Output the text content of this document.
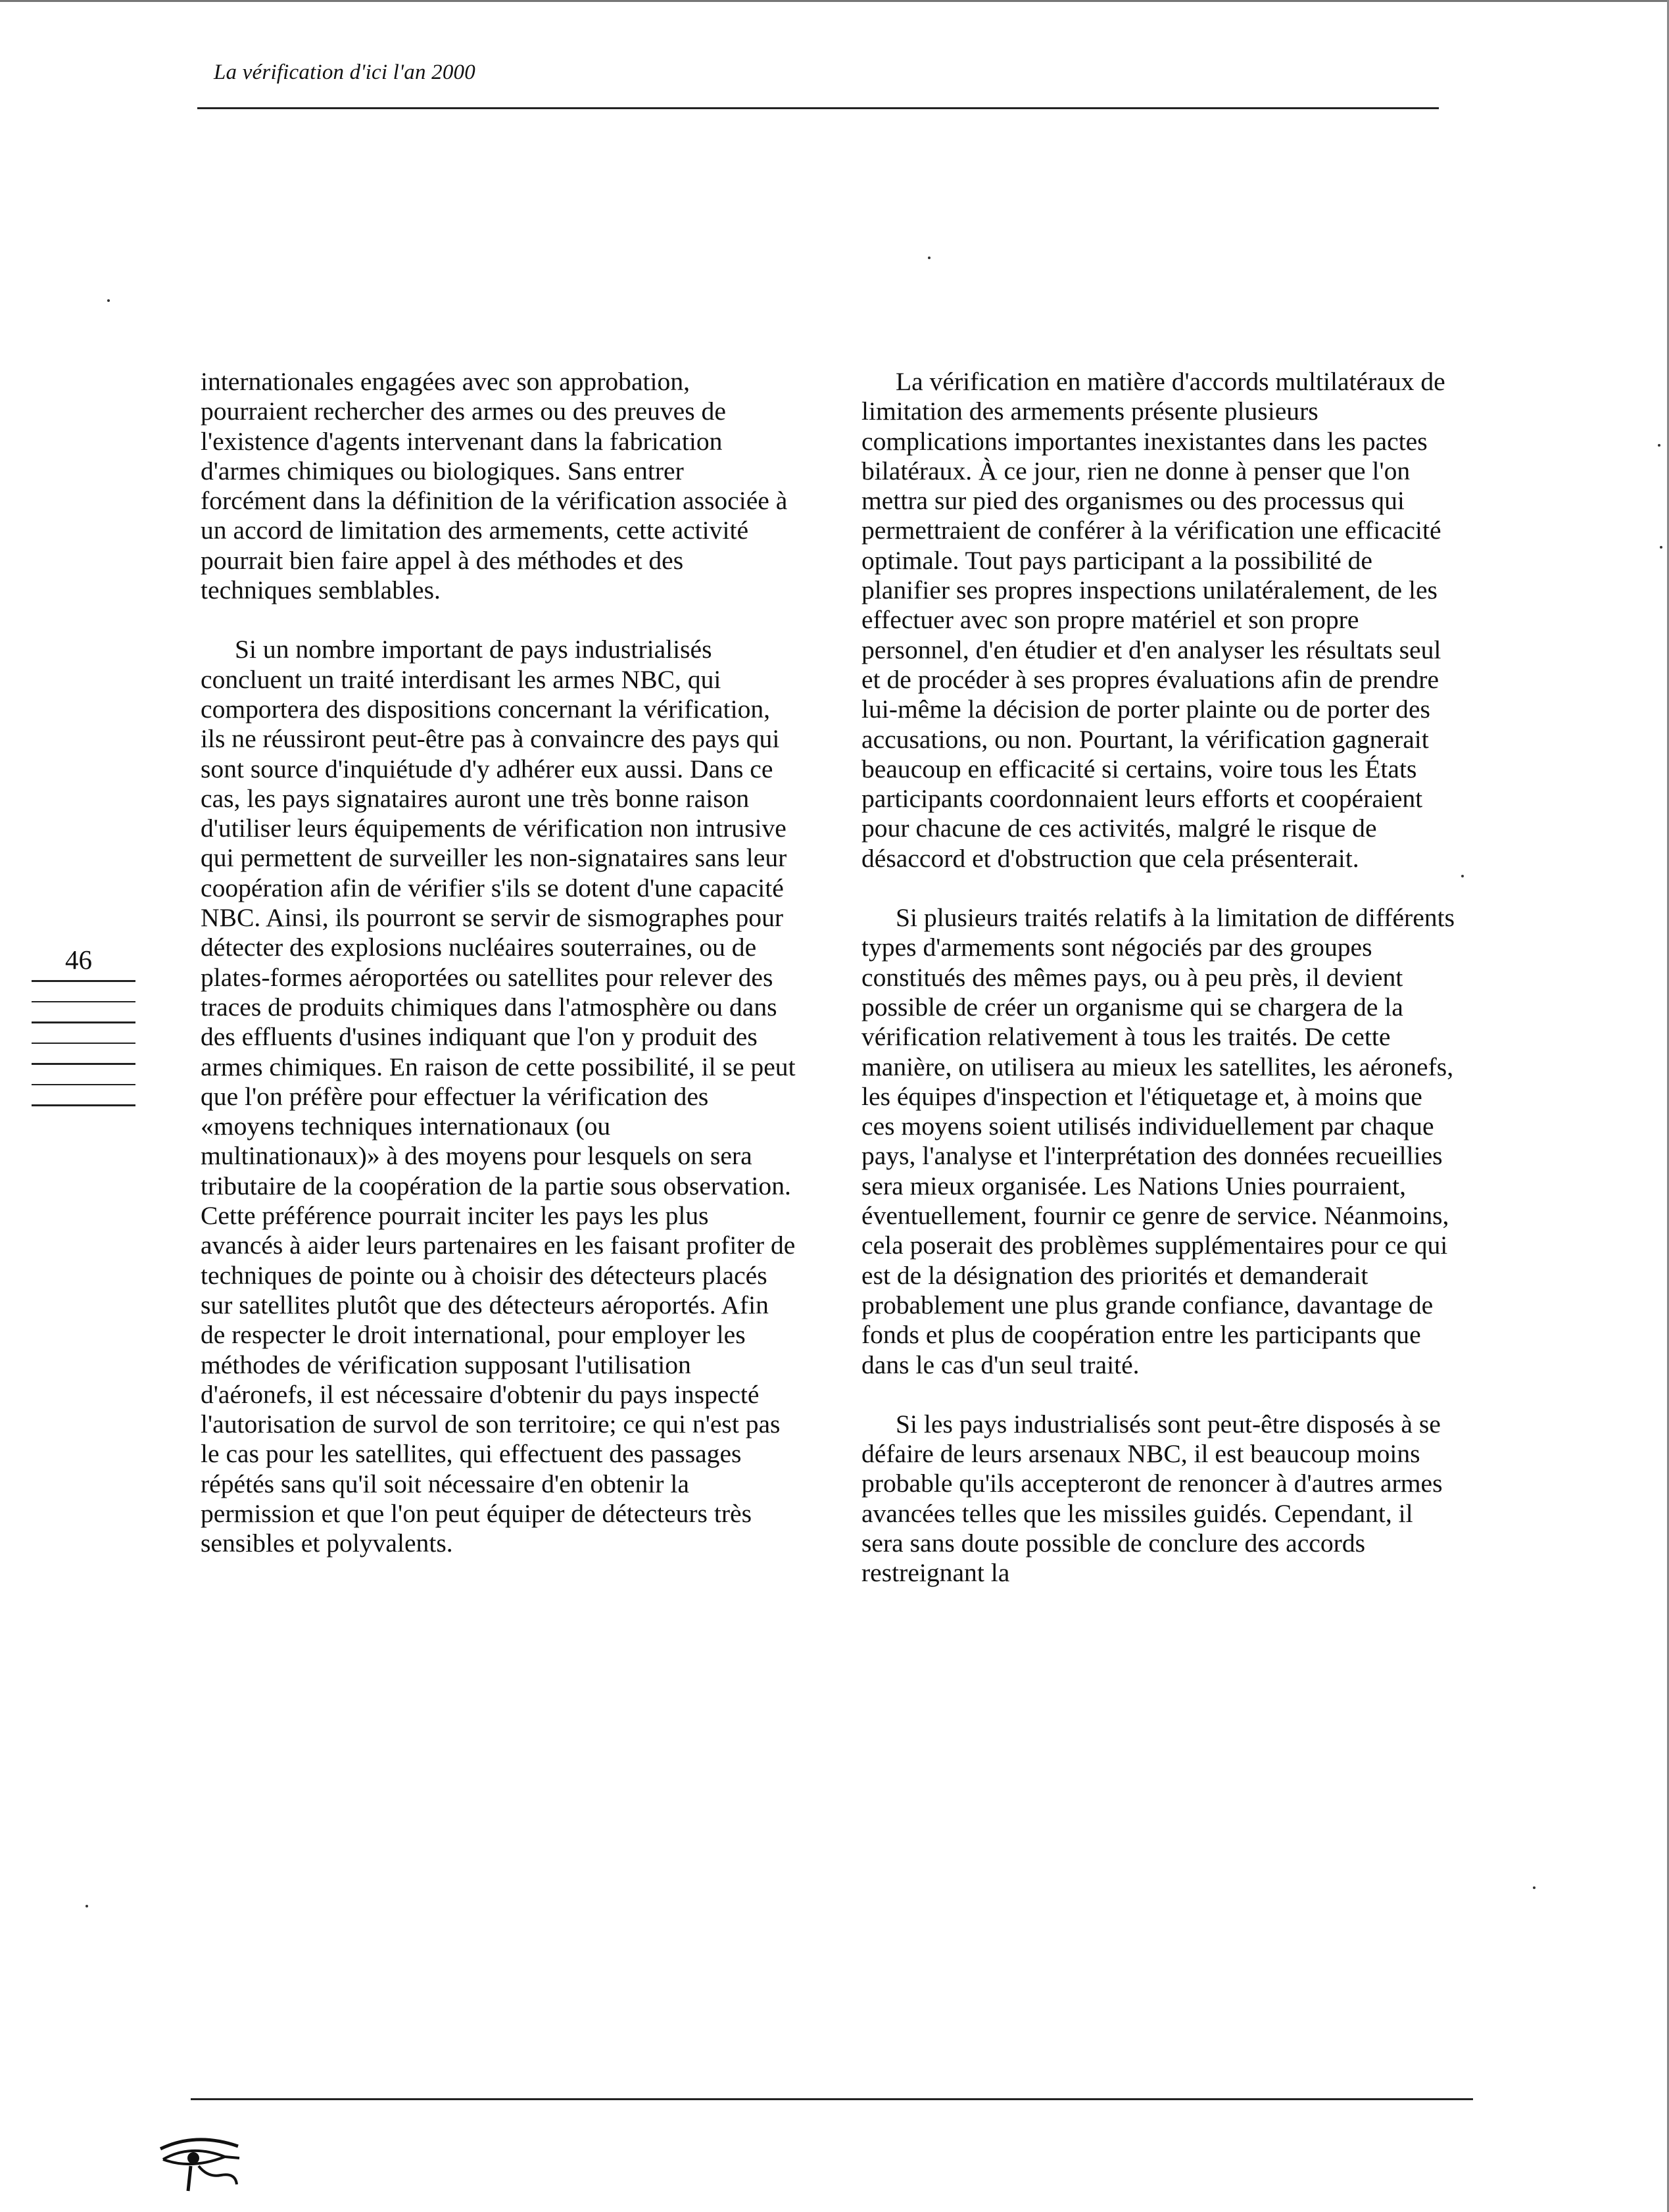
La vérification d'ici l'an 2000
46

internationales engagées avec son approbation, pourraient rechercher des armes ou des preuves de l'existence d'agents intervenant dans la fabrication d'armes chimiques ou biologiques. Sans entrer forcément dans la définition de la vérification associée à un accord de limitation des armements, cette activité pourrait bien faire appel à des méthodes et des techniques semblables.

Si un nombre important de pays industrialisés concluent un traité interdisant les armes NBC, qui comportera des dispositions concernant la vérification, ils ne réussiront peut-être pas à convaincre des pays qui sont source d'inquiétude d'y adhérer eux aussi. Dans ce cas, les pays signataires auront une très bonne raison d'utiliser leurs équipements de vérification non intrusive qui permettent de surveiller les non-signataires sans leur coopération afin de vérifier s'ils se dotent d'une capacité NBC. Ainsi, ils pourront se servir de sismographes pour détecter des explosions nucléaires souterraines, ou de plates-formes aéroportées ou satellites pour relever des traces de produits chimiques dans l'atmosphère ou dans des effluents d'usines indiquant que l'on y produit des armes chimiques. En raison de cette possibilité, il se peut que l'on préfère pour effectuer la vérification des «moyens techniques internationaux (ou multinationaux)» à des moyens pour lesquels on sera tributaire de la coopération de la partie sous observation. Cette préférence pourrait inciter les pays les plus avancés à aider leurs partenaires en les faisant profiter de techniques de pointe ou à choisir des détecteurs placés sur satellites plutôt que des détecteurs aéroportés. Afin de respecter le droit international, pour employer les méthodes de vérification supposant l'utilisation d'aéronefs, il est nécessaire d'obtenir du pays inspecté l'autorisation de survol de son territoire; ce qui n'est pas le cas pour les satellites, qui effectuent des passages répétés sans qu'il soit nécessaire d'en obtenir la permission et que l'on peut équiper de détecteurs très sensibles et polyvalents.

La vérification en matière d'accords multilatéraux de limitation des armements présente plusieurs complications importantes inexistantes dans les pactes bilatéraux. À ce jour, rien ne donne à penser que l'on mettra sur pied des organismes ou des processus qui permettraient de conférer à la vérification une efficacité optimale. Tout pays participant a la possibilité de planifier ses propres inspections unilatéralement, de les effectuer avec son propre matériel et son propre personnel, d'en étudier et d'en analyser les résultats seul et de procéder à ses propres évaluations afin de prendre lui-même la décision de porter plainte ou de porter des accusations, ou non. Pourtant, la vérification gagnerait beaucoup en efficacité si certains, voire tous les États participants coordonnaient leurs efforts et coopéraient pour chacune de ces activités, malgré le risque de désaccord et d'obstruction que cela présenterait.

Si plusieurs traités relatifs à la limitation de différents types d'armements sont négociés par des groupes constitués des mêmes pays, ou à peu près, il devient possible de créer un organisme qui se chargera de la vérification relativement à tous les traités. De cette manière, on utilisera au mieux les satellites, les aéronefs, les équipes d'inspection et l'étiquetage et, à moins que ces moyens soient utilisés individuellement par chaque pays, l'analyse et l'interprétation des données recueillies sera mieux organisée. Les Nations Unies pourraient, éventuellement, fournir ce genre de service. Néanmoins, cela poserait des problèmes supplémentaires pour ce qui est de la désignation des priorités et demanderait probablement une plus grande confiance, davantage de fonds et plus de coopération entre les participants que dans le cas d'un seul traité.

Si les pays industrialisés sont peut-être disposés à se défaire de leurs arsenaux NBC, il est beaucoup moins probable qu'ils accepteront de renoncer à d'autres armes avancées telles que les missiles guidés. Cependant, il sera sans doute possible de conclure des accords restreignant la
